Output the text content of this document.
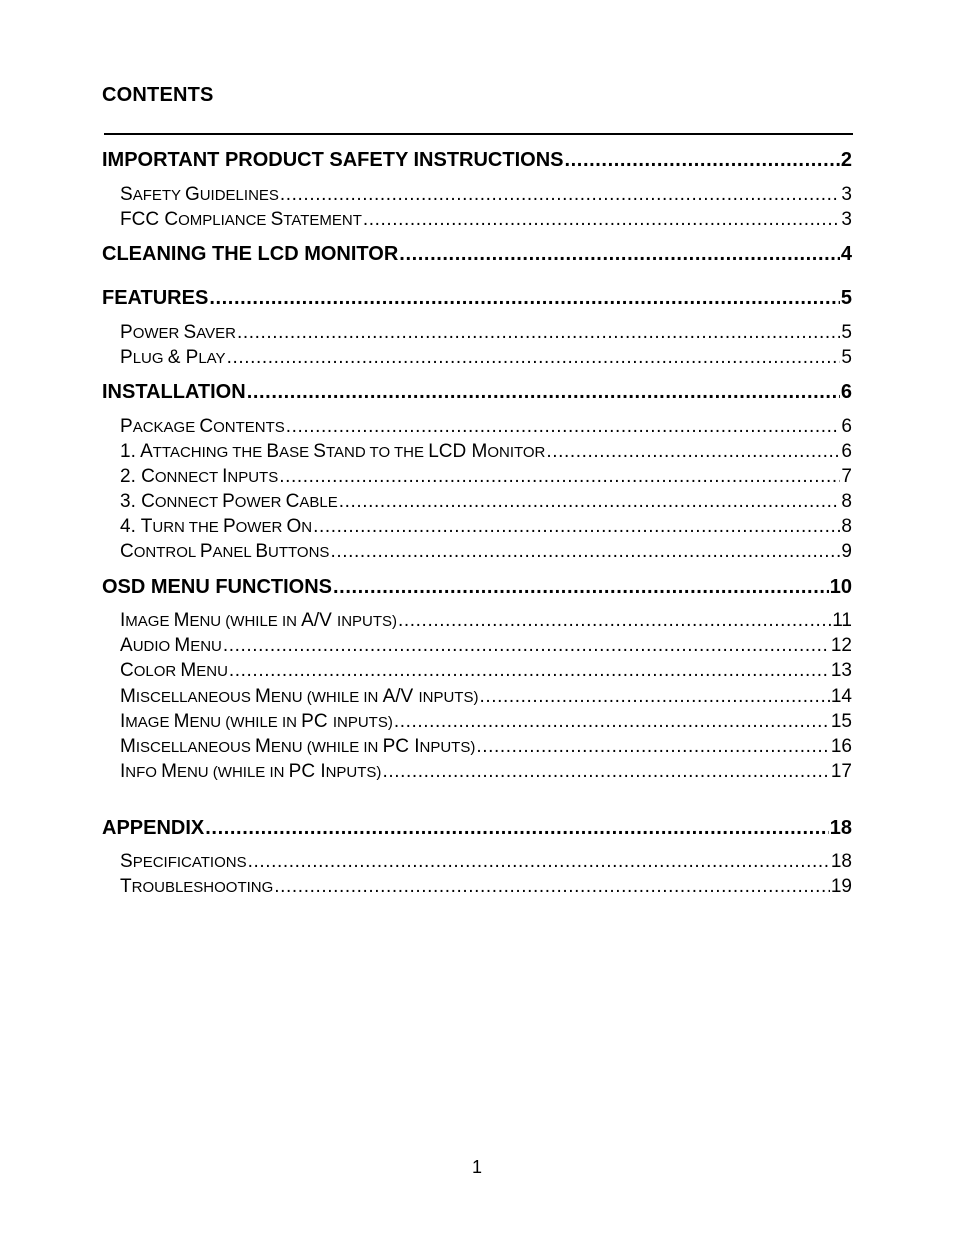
CONTENTS
IMPORTANT PRODUCT SAFETY INSTRUCTIONS .....	2
SAFETY GUIDELINES .....	3
FCC COMPLIANCE STATEMENT .....	3
CLEANING THE LCD MONITOR .....	4
FEATURES .....	5
POWER SAVER .....	5
PLUG & PLAY .....	5
INSTALLATION .....	6
PACKAGE CONTENTS .....	6
1. ATTACHING THE BASE STAND TO THE LCD MONITOR .....	6
2. CONNECT INPUTS .....	7
3. CONNECT POWER CABLE .....	8
4. TURN THE POWER ON .....	8
CONTROL PANEL BUTTONS .....	9
OSD MENU FUNCTIONS .....	10
IMAGE MENU (WHILE IN A/V INPUTS) .....	11
AUDIO MENU .....	12
COLOR MENU .....	13
MISCELLANEOUS MENU (WHILE IN A/V INPUTS) .....	14
IMAGE MENU (WHILE IN PC INPUTS) .....	15
MISCELLANEOUS MENU (WHILE IN PC INPUTS) .....	16
INFO MENU (WHILE IN PC INPUTS) .....	17
APPENDIX .....	18
SPECIFICATIONS .....	18
TROUBLESHOOTING .....	19
1
